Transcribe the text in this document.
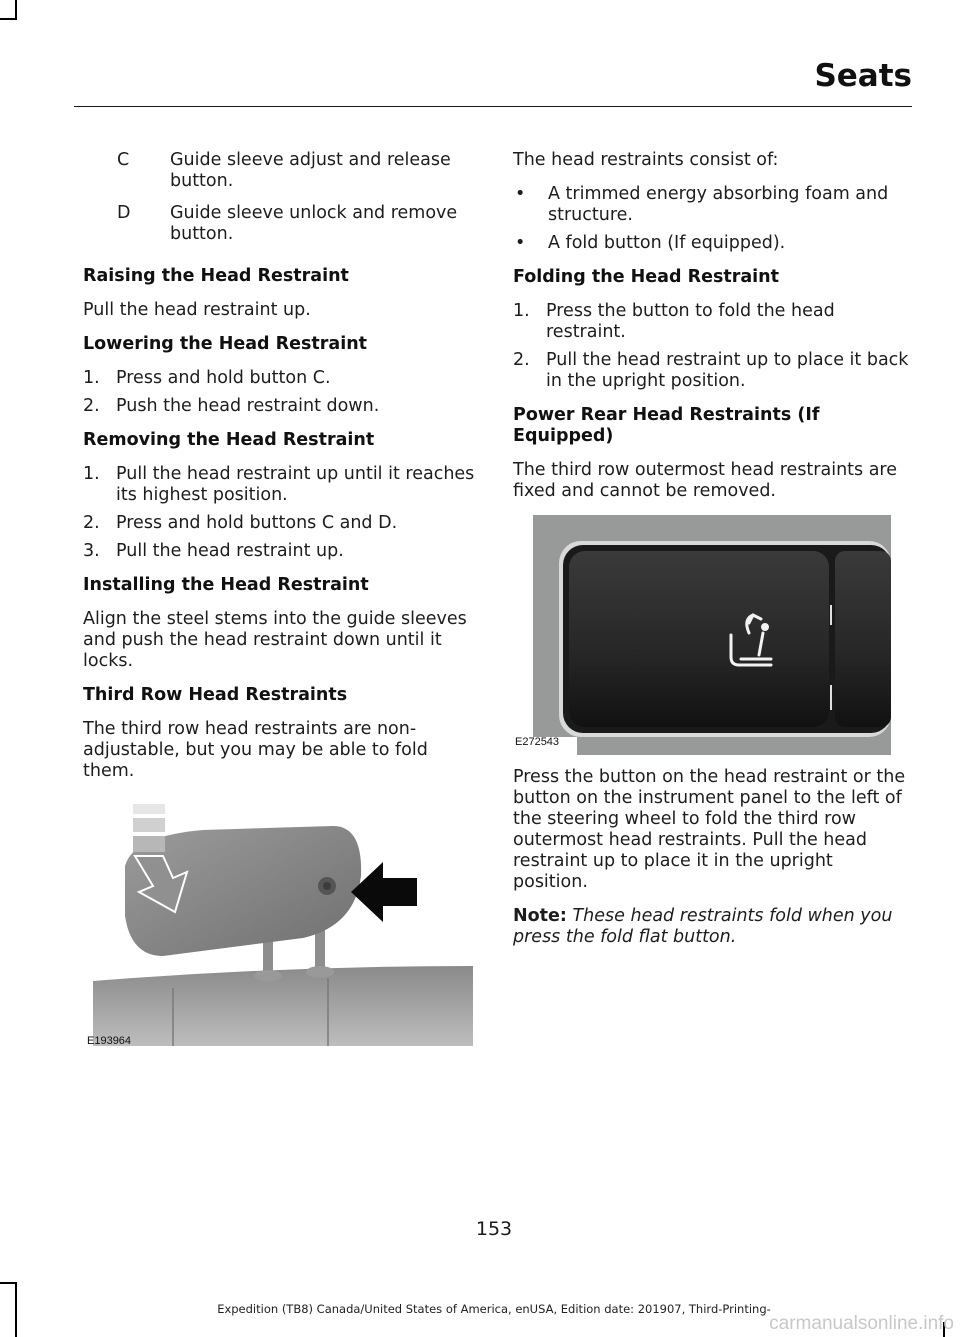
Seats
C	Guide sleeve adjust and release button.
D	Guide sleeve unlock and remove button.
Raising the Head Restraint

Pull the head restraint up.

Lowering the Head Restraint
1. Press and hold button C.
2. Push the head restraint down.
Removing the Head Restraint
1. Pull the head restraint up until it reaches its highest position.
2. Press and hold buttons C and D.
3. Pull the head restraint up.
Installing the Head Restraint

Align the steel stems into the guide sleeves and push the head restraint down until it locks.

Third Row Head Restraints

The third row head restraints are non-adjustable, but you may be able to fold them.

E193964

The head restraints consist of:

•	A trimmed energy absorbing foam and structure.
•	A fold button (If equipped).
Folding the Head Restraint
1. Press the button to fold the head restraint.
2. Pull the head restraint up to place it back in the upright position.
Power Rear Head Restraints (If Equipped)

The third row outermost head restraints are fixed and cannot be removed.

E272543

Press the button on the head restraint or the button on the instrument panel to the left of the steering wheel to fold the third row outermost head restraints. Pull the head restraint up to place it in the upright position.

Note: These head restraints fold when you press the fold flat button.

153
Expedition (TB8) Canada/United States of America, enUSA, Edition date: 201907, Third-Printing-
carmanualsonline.info
